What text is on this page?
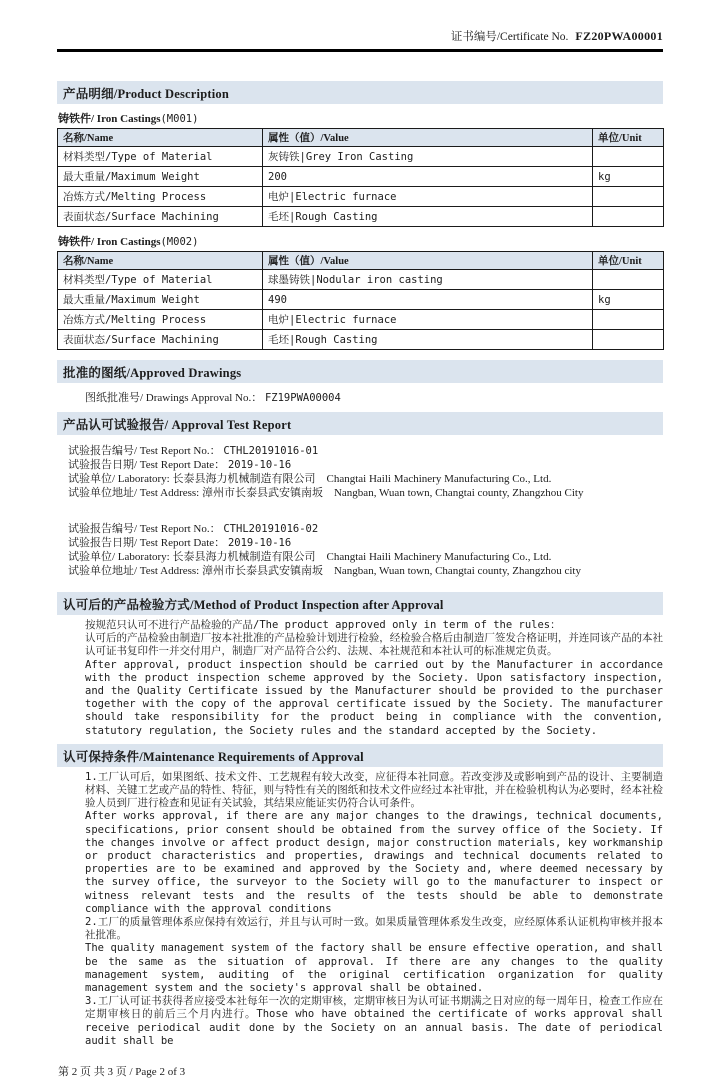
证书编号/Certificate No. FZ20PWA00001
产品明细/Product Description
铸铁件/ Iron Castings(M001)
名称/Name	属性（值）/Value	单位/Unit
材料类型/Type of Material	灰铸铁|Grey Iron Casting	
最大重量/Maximum Weight	200	kg
冶炼方式/Melting Process	电炉|Electric furnace	
表面状态/Surface Machining	毛坯|Rough Casting	
铸铁件/ Iron Castings(M002)
名称/Name	属性（值）/Value	单位/Unit
材料类型/Type of Material	球墨铸铁|Nodular iron casting	
最大重量/Maximum Weight	490	kg
冶炼方式/Melting Process	电炉|Electric furnace	
表面状态/Surface Machining	毛坯|Rough Casting	
批准的图纸/Approved Drawings
图纸批准号/ Drawings Approval No.： FZ19PWA00004
产品认可试验报告/ Approval Test Report
试验报告编号/ Test Report No.： CTHL20191016-01
试验报告日期/ Test Report Date： 2019-10-16
试验单位/ Laboratory: 长泰县海力机械制造有限公司　Changtai Haili Machinery Manufacturing Co., Ltd.
试验单位地址/ Test Address: 漳州市长泰县武安镇南坂　Nangban, Wuan town, Changtai county, Zhangzhou City
试验报告编号/ Test Report No.： CTHL20191016-02
试验报告日期/ Test Report Date： 2019-10-16
试验单位/ Laboratory: 长泰县海力机械制造有限公司　Changtai Haili Machinery Manufacturing Co., Ltd.
试验单位地址/ Test Address: 漳州市长泰县武安镇南坂　Nangban, Wuan town, Changtai county, Zhangzhou city
认可后的产品检验方式/Method of Product Inspection after Approval

按规范只认可不进行产品检验的产品/The product approved only in term of the rules：

认可后的产品检验由制造厂按本社批准的产品检验计划进行检验，经检验合格后由制造厂签发合格证明，并连同该产品的本社认可证书复印件一并交付用户，制造厂对产品符合公约、法规、本社规范和本社认可的标准规定负责。

After approval, product inspection should be carried out by the Manufacturer in accordance with the product inspection scheme approved by the Society. Upon satisfactory inspection, and the Quality Certificate issued by the Manufacturer should be provided to the purchaser together with the copy of the approval certificate issued by the Society. The manufacturer should take responsibility for the product being in compliance with the convention, statutory regulation, the Society rules and the standard accepted by the Society.

认可保持条件/Maintenance Requirements of Approval

1.工厂认可后，如果图纸、技术文件、工艺规程有较大改变，应征得本社同意。若改变涉及或影响到产品的设计、主要制造材料、关键工艺或产品的特性、特征，则与特性有关的图纸和技术文件应经过本社审批，并在检验机构认为必要时，经本社检验人员到厂进行检查和见证有关试验，其结果应能证实仍符合认可条件。

After works approval, if there are any major changes to the drawings, technical documents, specifications, prior consent should be obtained from the survey office of the Society. If the changes involve or affect product design, major construction materials, key workmanship or product characteristics and properties, drawings and technical documents related to properties are to be examined and approved by the Society and, where deemed necessary by the survey office, the surveyor to the Society will go to the manufacturer to inspect or witness relevant tests and the results of the tests should be able to demonstrate compliance with the approval conditions

2.工厂的质量管理体系应保持有效运行，并且与认可时一致。如果质量管理体系发生改变，应经原体系认证机构审核并报本社批准。

The quality management system of the factory shall be ensure effective operation, and shall be the same as the situation of approval. If there are any changes to the quality management system, auditing of the original certification organization for quality management system and the society's approval shall be obtained.

3.工厂认可证书获得者应接受本社每年一次的定期审核，定期审核日为认可证书期满之日对应的每一周年日，检查工作应在定期审核日的前后三个月内进行。Those who have obtained the certificate of works approval shall receive periodical audit done by the Society on an annual basis. The date of periodical audit shall be

第 2 页 共 3 页 / Page 2 of 3
